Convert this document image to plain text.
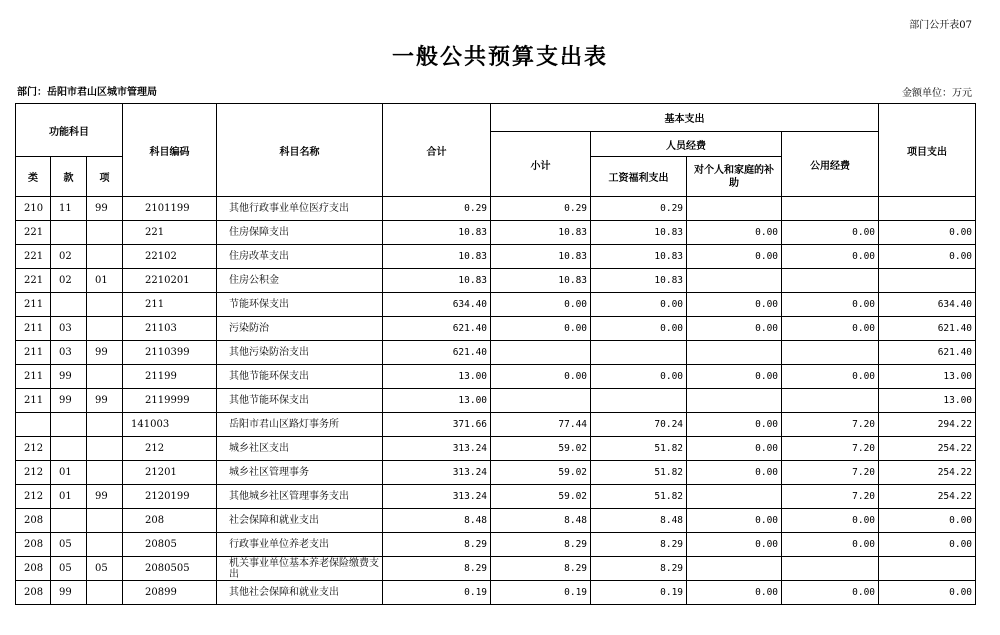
部门公开表07
一般公共预算支出表
部门：岳阳市君山区城市管理局	金额单位：万元
功能科目			科目编码	科目名称	合计	基本支出				项目支出
						小计	人员经费		公用经费	
类	款	项					工资福利支出	对个人和家庭的补助		
210	11	99	2101199	其他行政事业单位医疗支出	0.29	0.29	0.29			
221			221	住房保障支出	10.83	10.83	10.83	0.00	0.00	0.00
221	02		22102	住房改革支出	10.83	10.83	10.83	0.00	0.00	0.00
221	02	01	2210201	住房公积金	10.83	10.83	10.83			
211			211	节能环保支出	634.40	0.00	0.00	0.00	0.00	634.40
211	03		21103	污染防治	621.40	0.00	0.00	0.00	0.00	621.40
211	03	99	2110399	其他污染防治支出	621.40					621.40
211	99		21199	其他节能环保支出	13.00	0.00	0.00	0.00	0.00	13.00
211	99	99	2119999	其他节能环保支出	13.00					13.00
			141003	岳阳市君山区路灯事务所	371.66	77.44	70.24	0.00	7.20	294.22
212			212	城乡社区支出	313.24	59.02	51.82	0.00	7.20	254.22
212	01		21201	城乡社区管理事务	313.24	59.02	51.82	0.00	7.20	254.22
212	01	99	2120199	其他城乡社区管理事务支出	313.24	59.02	51.82		7.20	254.22
208			208	社会保障和就业支出	8.48	8.48	8.48	0.00	0.00	0.00
208	05		20805	行政事业单位养老支出	8.29	8.29	8.29	0.00	0.00	0.00
208	05	05	2080505	机关事业单位基本养老保险缴费支出	8.29	8.29	8.29			
208	99		20899	其他社会保障和就业支出	0.19	0.19	0.19	0.00	0.00	0.00
